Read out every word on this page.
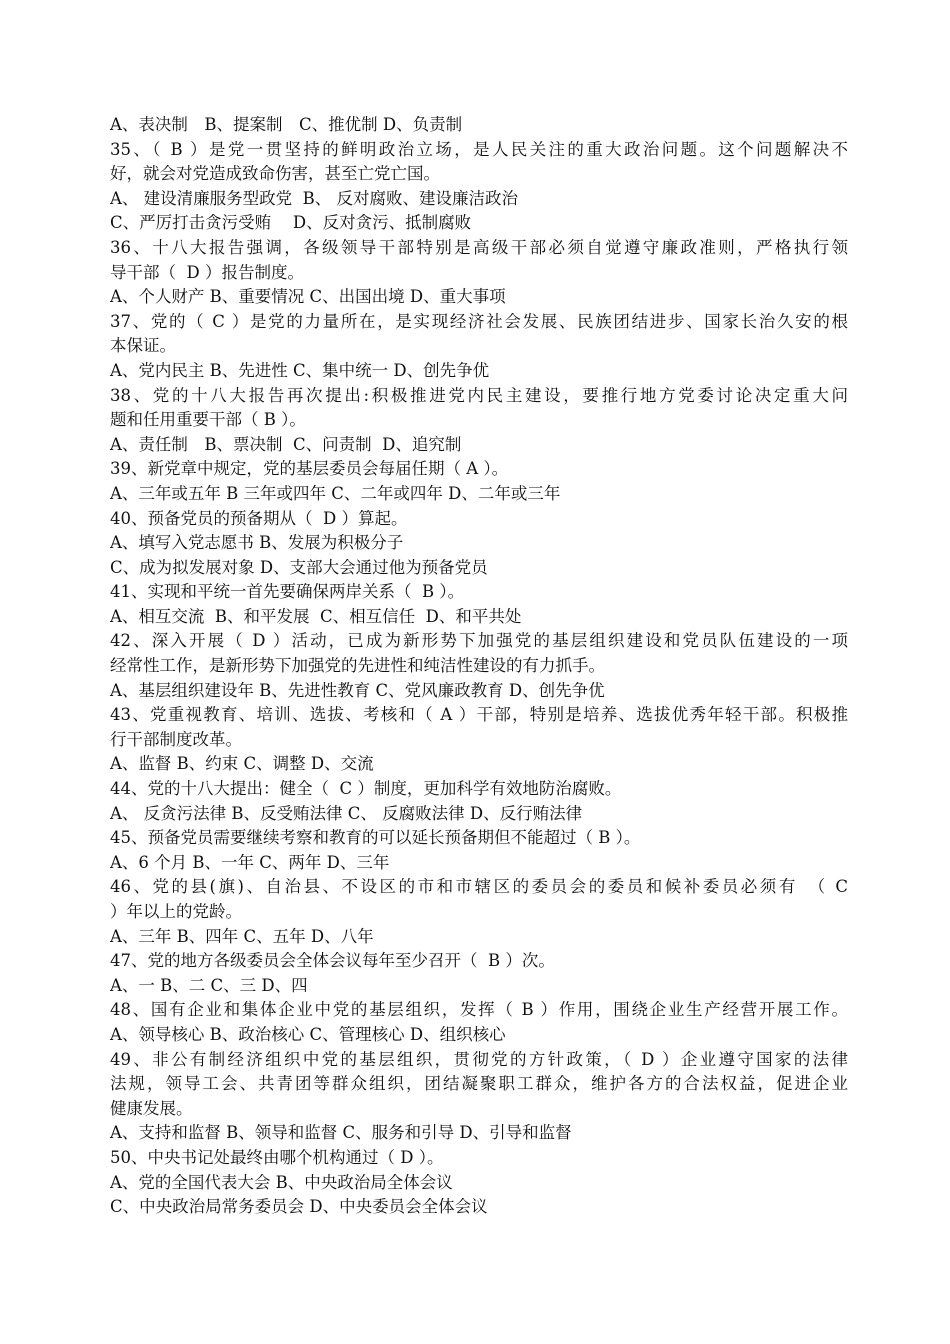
A、表决制　B、提案制　C、推优制 D、负责制
35、（ B ）是党一贯坚持的鲜明政治立场，是人民关注的重大政治问题。这个问题解决不
好，就会对党造成致命伤害，甚至亡党亡国。
A、 建设清廉服务型政党  B、 反对腐败、建设廉洁政治
C、严厉打击贪污受贿　 D、反对贪污、抵制腐败
36、十八大报告强调，各级领导干部特别是高级干部必须自觉遵守廉政准则，严格执行领
导干部（  D ）报告制度。
A、个人财产 B、重要情况 C、出国出境 D、重大事项
37、党的（ C ）是党的力量所在，是实现经济社会发展、民族团结进步、国家长治久安的根
本保证。
A、党内民主 B、先进性 C、集中统一 D、创先争优
38、党的十八大报告再次提出:积极推进党内民主建设，要推行地方党委讨论决定重大问
题和任用重要干部（ B ）。
A、责任制　B、票决制  C、问责制  D、追究制
39、新党章中规定，党的基层委员会每届任期（ A ）。
A、三年或五年 B 三年或四年 C、二年或四年 D、二年或三年
40、预备党员的预备期从（  D ）算起。
A、填写入党志愿书 B、发展为积极分子
C、成为拟发展对象 D、支部大会通过他为预备党员
41、实现和平统一首先要确保两岸关系（  B ）。
A、相互交流  B、和平发展  C、相互信任  D、和平共处
42、深入开展（ D ）活动，已成为新形势下加强党的基层组织建设和党员队伍建设的一项
经常性工作，是新形势下加强党的先进性和纯洁性建设的有力抓手。
A、基层组织建设年 B、先进性教育 C、党风廉政教育 D、创先争优
43、党重视教育、培训、选拔、考核和（ A ）干部，特别是培养、选拔优秀年轻干部。积极推
行干部制度改革。
A、监督 B、约束 C、调整 D、交流
44、党的十八大提出：健全（  C ）制度，更加科学有效地防治腐败。
A、 反贪污法律 B、反受贿法律 C、 反腐败法律 D、反行贿法律
45、预备党员需要继续考察和教育的可以延长预备期但不能超过（ B ）。
A、6 个月 B、一年 C、两年 D、三年
46、党的县(旗)、自治县、不设区的市和市辖区的委员会的委员和候补委员必须有　（ C
）年以上的党龄。
A、三年 B、四年 C、五年 D、八年
47、党的地方各级委员会全体会议每年至少召开（  B ）次。
A、一 B、二 C、三 D、四
48、国有企业和集体企业中党的基层组织，发挥（ B ）作用，围绕企业生产经营开展工作。
A、领导核心 B、政治核心 C、管理核心 D、组织核心
49、非公有制经济组织中党的基层组织，贯彻党的方针政策，（ D ）企业遵守国家的法律
法规，领导工会、共青团等群众组织，团结凝聚职工群众，维护各方的合法权益，促进企业
健康发展。
A、支持和监督 B、领导和监督 C、服务和引导 D、引导和监督
50、中央书记处最终由哪个机构通过（ D ）。
A、党的全国代表大会 B、中央政治局全体会议
C、中央政治局常务委员会 D、中央委员会全体会议
